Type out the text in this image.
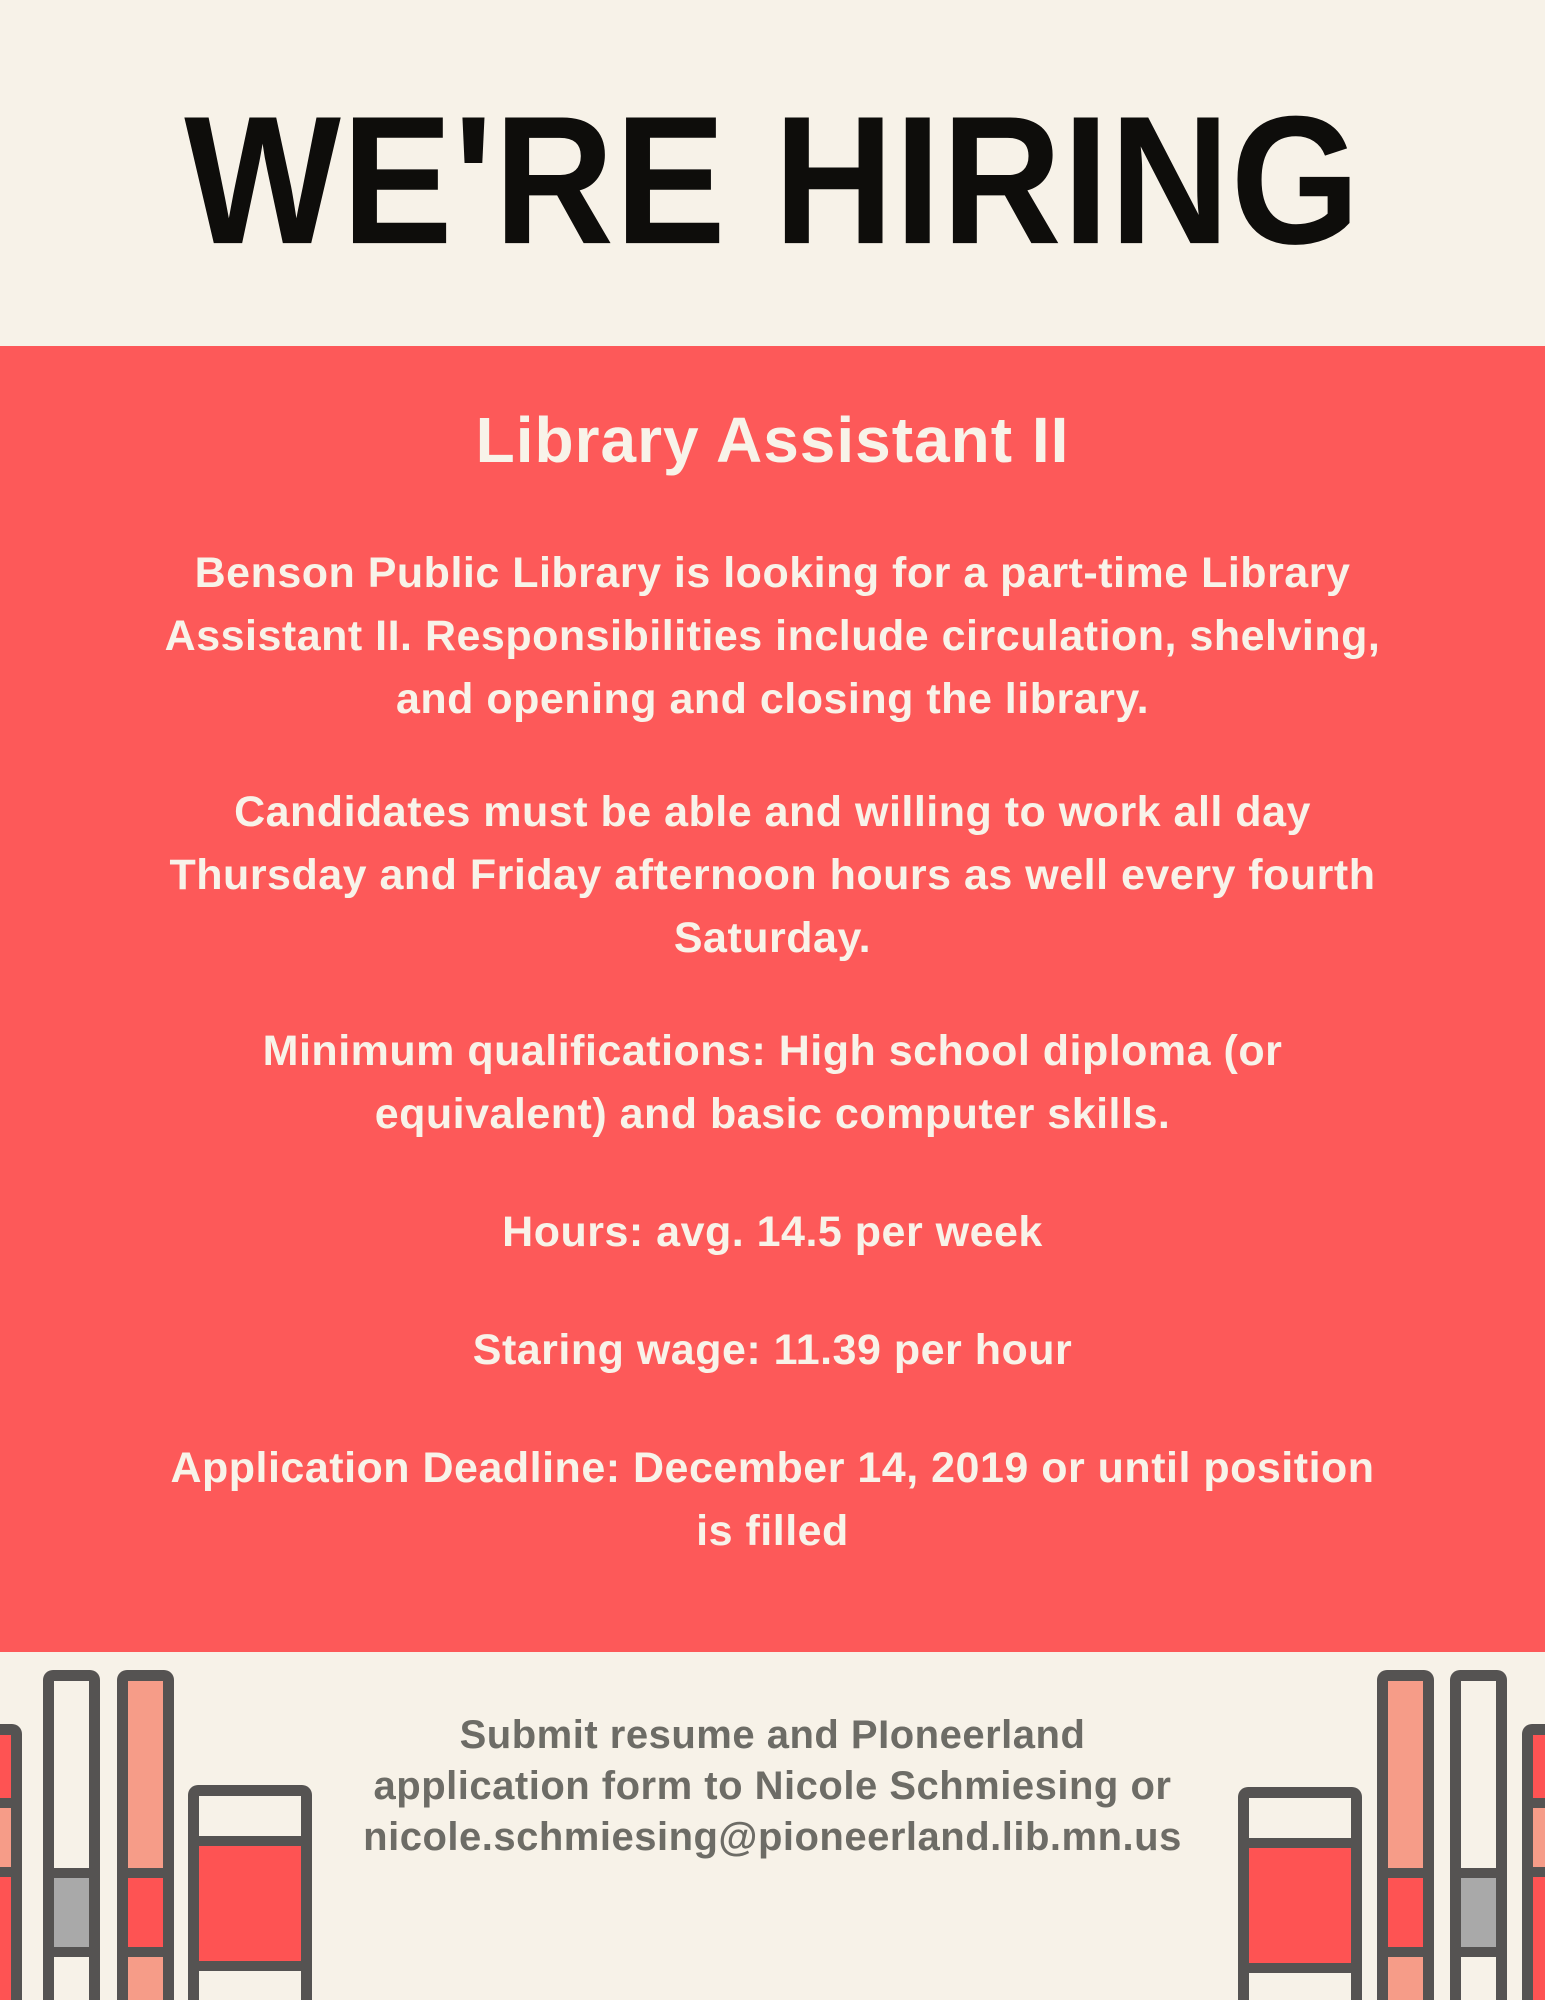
WE'RE HIRING
Library Assistant II

Benson Public Library is looking for a part-time Library
Assistant II. Responsibilities include circulation, shelving,
and opening and closing the library.

Candidates must be able and willing to work all day
Thursday and Friday afternoon hours as well every fourth
Saturday.

Minimum qualifications: High school diploma (or
equivalent) and basic computer skills.

Hours: avg. 14.5 per week

Staring wage: 11.39 per hour

Application Deadline: December 14, 2019 or until position
is filled

Submit resume and PIoneerland
application form to Nicole Schmiesing or
nicole.schmiesing@pioneerland.lib.mn.us
